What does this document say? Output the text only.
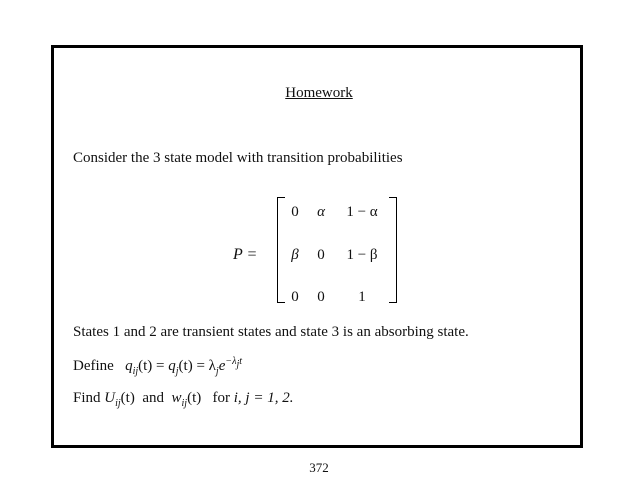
Homework
Consider the 3 state model with transition probabilities
P =
0	α	1 − α
β	0	1 − β
0	0	1
States 1 and 2 are transient states and state 3 is an absorbing state.
Define $q_{ij}(t) = q_j(t) = \lambda_je^{-\lambda_jt}$
Find $U_{ij}(t)$ and $w_{ij}(t)$ for i, j = 1, 2.
372
